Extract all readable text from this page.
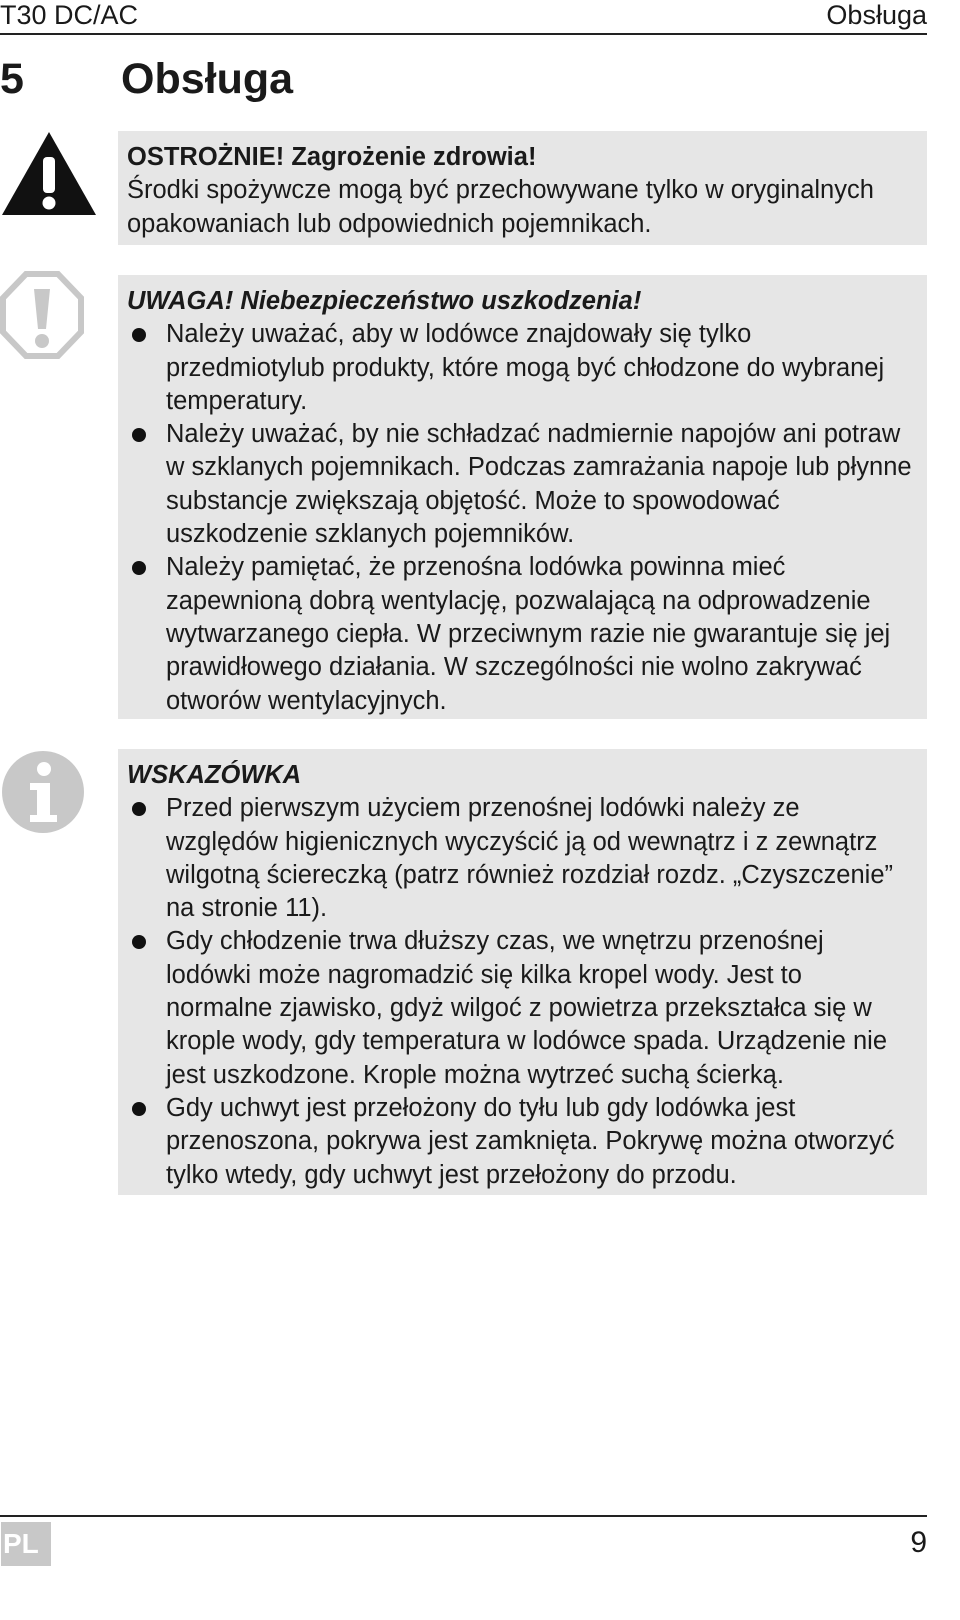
T30 DC/AC	Obsługa
5 Obsługa
OSTROŻNIE! Zagrożenie zdrowia!

Środki spożywcze mogą być przechowywane tylko w oryginalnych opakowaniach lub odpowiednich pojemnikach.

UWAGA! Niebezpieczeństwo uszkodzenia!
Należy uważać, aby w lodówce znajdowały się tylko przedmiotylub produkty, które mogą być chłodzone do wybranej temperatury.
Należy uważać, by nie schładzać nadmiernie napojów ani potraw w szklanych pojemnikach. Podczas zamrażania napoje lub płynne substancje zwiększają objętość. Może to spowodować uszkodzenie szklanych pojemników.
Należy pamiętać, że przenośna lodówka powinna mieć zapewnioną dobrą wentylację, pozwalającą na odprowadzenie wytwarzanego ciepła. W przeciwnym razie nie gwarantuje się jej prawidłowego działania. W szczególności nie wolno zakrywać otworów wentylacyjnych.
WSKAZÓWKA
Przed pierwszym użyciem przenośnej lodówki należy ze względów higienicznych wyczyścić ją od wewnątrz i z zewnątrz wilgotną ściereczką (patrz również rozdział rozdz. „Czyszczenie” na stronie 11).
Gdy chłodzenie trwa dłuższy czas, we wnętrzu przenośnej lodówki może nagromadzić się kilka kropel wody. Jest to normalne zjawisko, gdyż wilgoć z powietrza przekształca się w krople wody, gdy temperatura w lodówce spada. Urządzenie nie jest uszkodzone. Krople można wytrzeć suchą ścierką.
Gdy uchwyt jest przełożony do tyłu lub gdy lodówka jest przenoszona, pokrywa jest zamknięta. Pokrywę można otworzyć tylko wtedy, gdy uchwyt jest przełożony do przodu.
PL	9
